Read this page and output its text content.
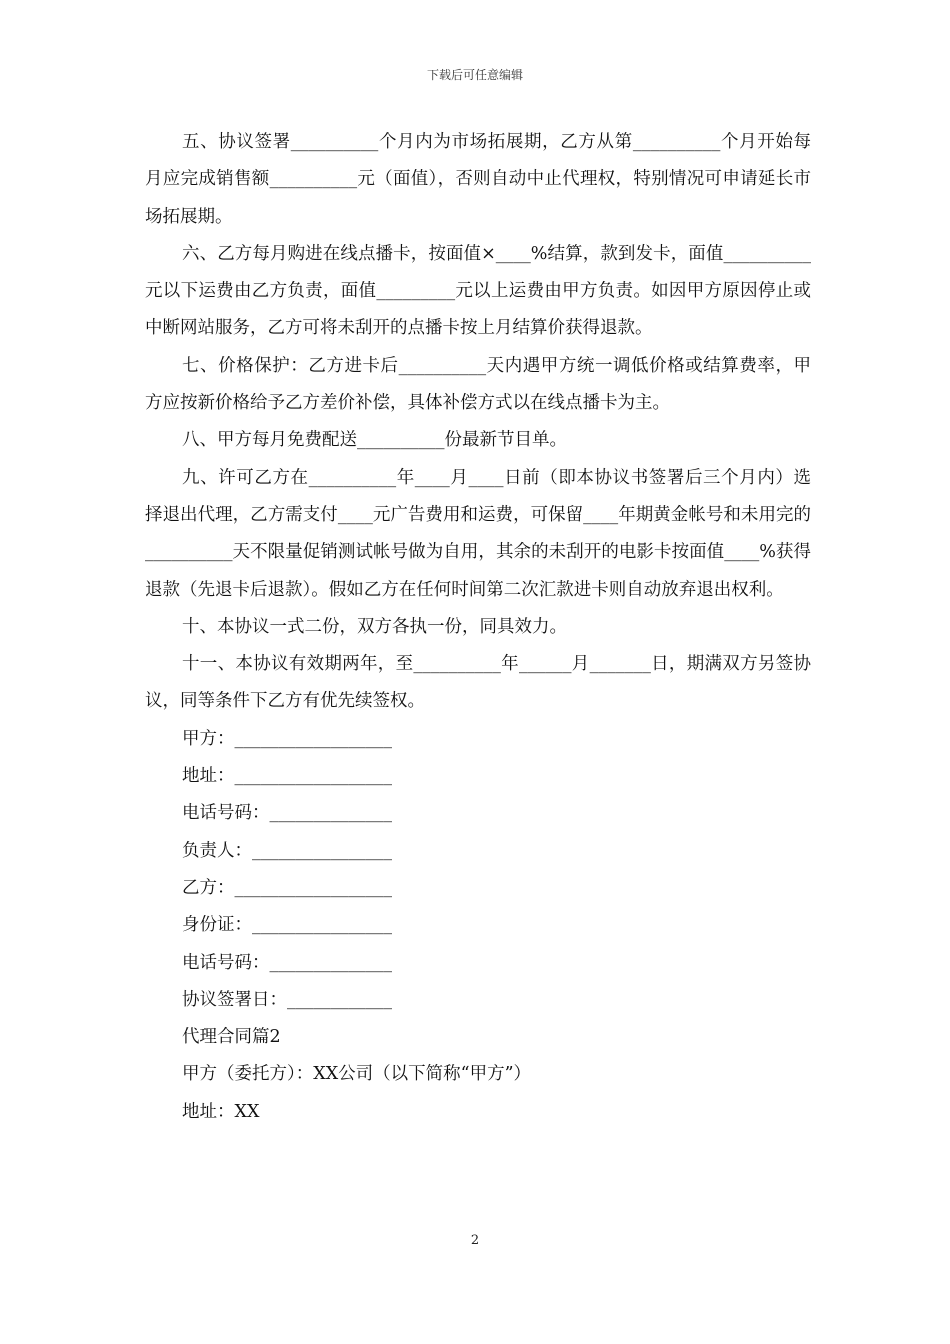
下载后可任意编辑

五、协议签署__________个月内为市场拓展期，乙方从第__________个月开始每月应完成销售额__________元（面值），否则自动中止代理权，特别情况可申请延长市场拓展期。

六、乙方每月购进在线点播卡，按面值×____%结算，款到发卡，面值__________元以下运费由乙方负责，面值_________元以上运费由甲方负责。如因甲方原因停止或中断网站服务，乙方可将未刮开的点播卡按上月结算价获得退款。

七、价格保护：乙方进卡后__________天内遇甲方统一调低价格或结算费率，甲方应按新价格给予乙方差价补偿，具体补偿方式以在线点播卡为主。

八、甲方每月免费配送__________份最新节目单。

九、许可乙方在__________年____月____日前（即本协议书签署后三个月内）选择退出代理，乙方需支付____元广告费用和运费，可保留____年期黄金帐号和未用完的__________天不限量促销测试帐号做为自用，其余的未刮开的电影卡按面值____%获得退款（先退卡后退款）。假如乙方在任何时间第二次汇款进卡则自动放弃退出权利。

十、本协议一式二份，双方各执一份，同具效力。

十一、本协议有效期两年，至__________年______月_______日，期满双方另签协议，同等条件下乙方有优先续签权。

甲方：__________________

地址：__________________

电话号码：______________

负责人：________________

乙方：__________________

身份证：________________

电话号码：______________

协议签署日：____________

代理合同篇2

甲方（委托方）：XX公司（以下简称“甲方”）

地址：XX

2
